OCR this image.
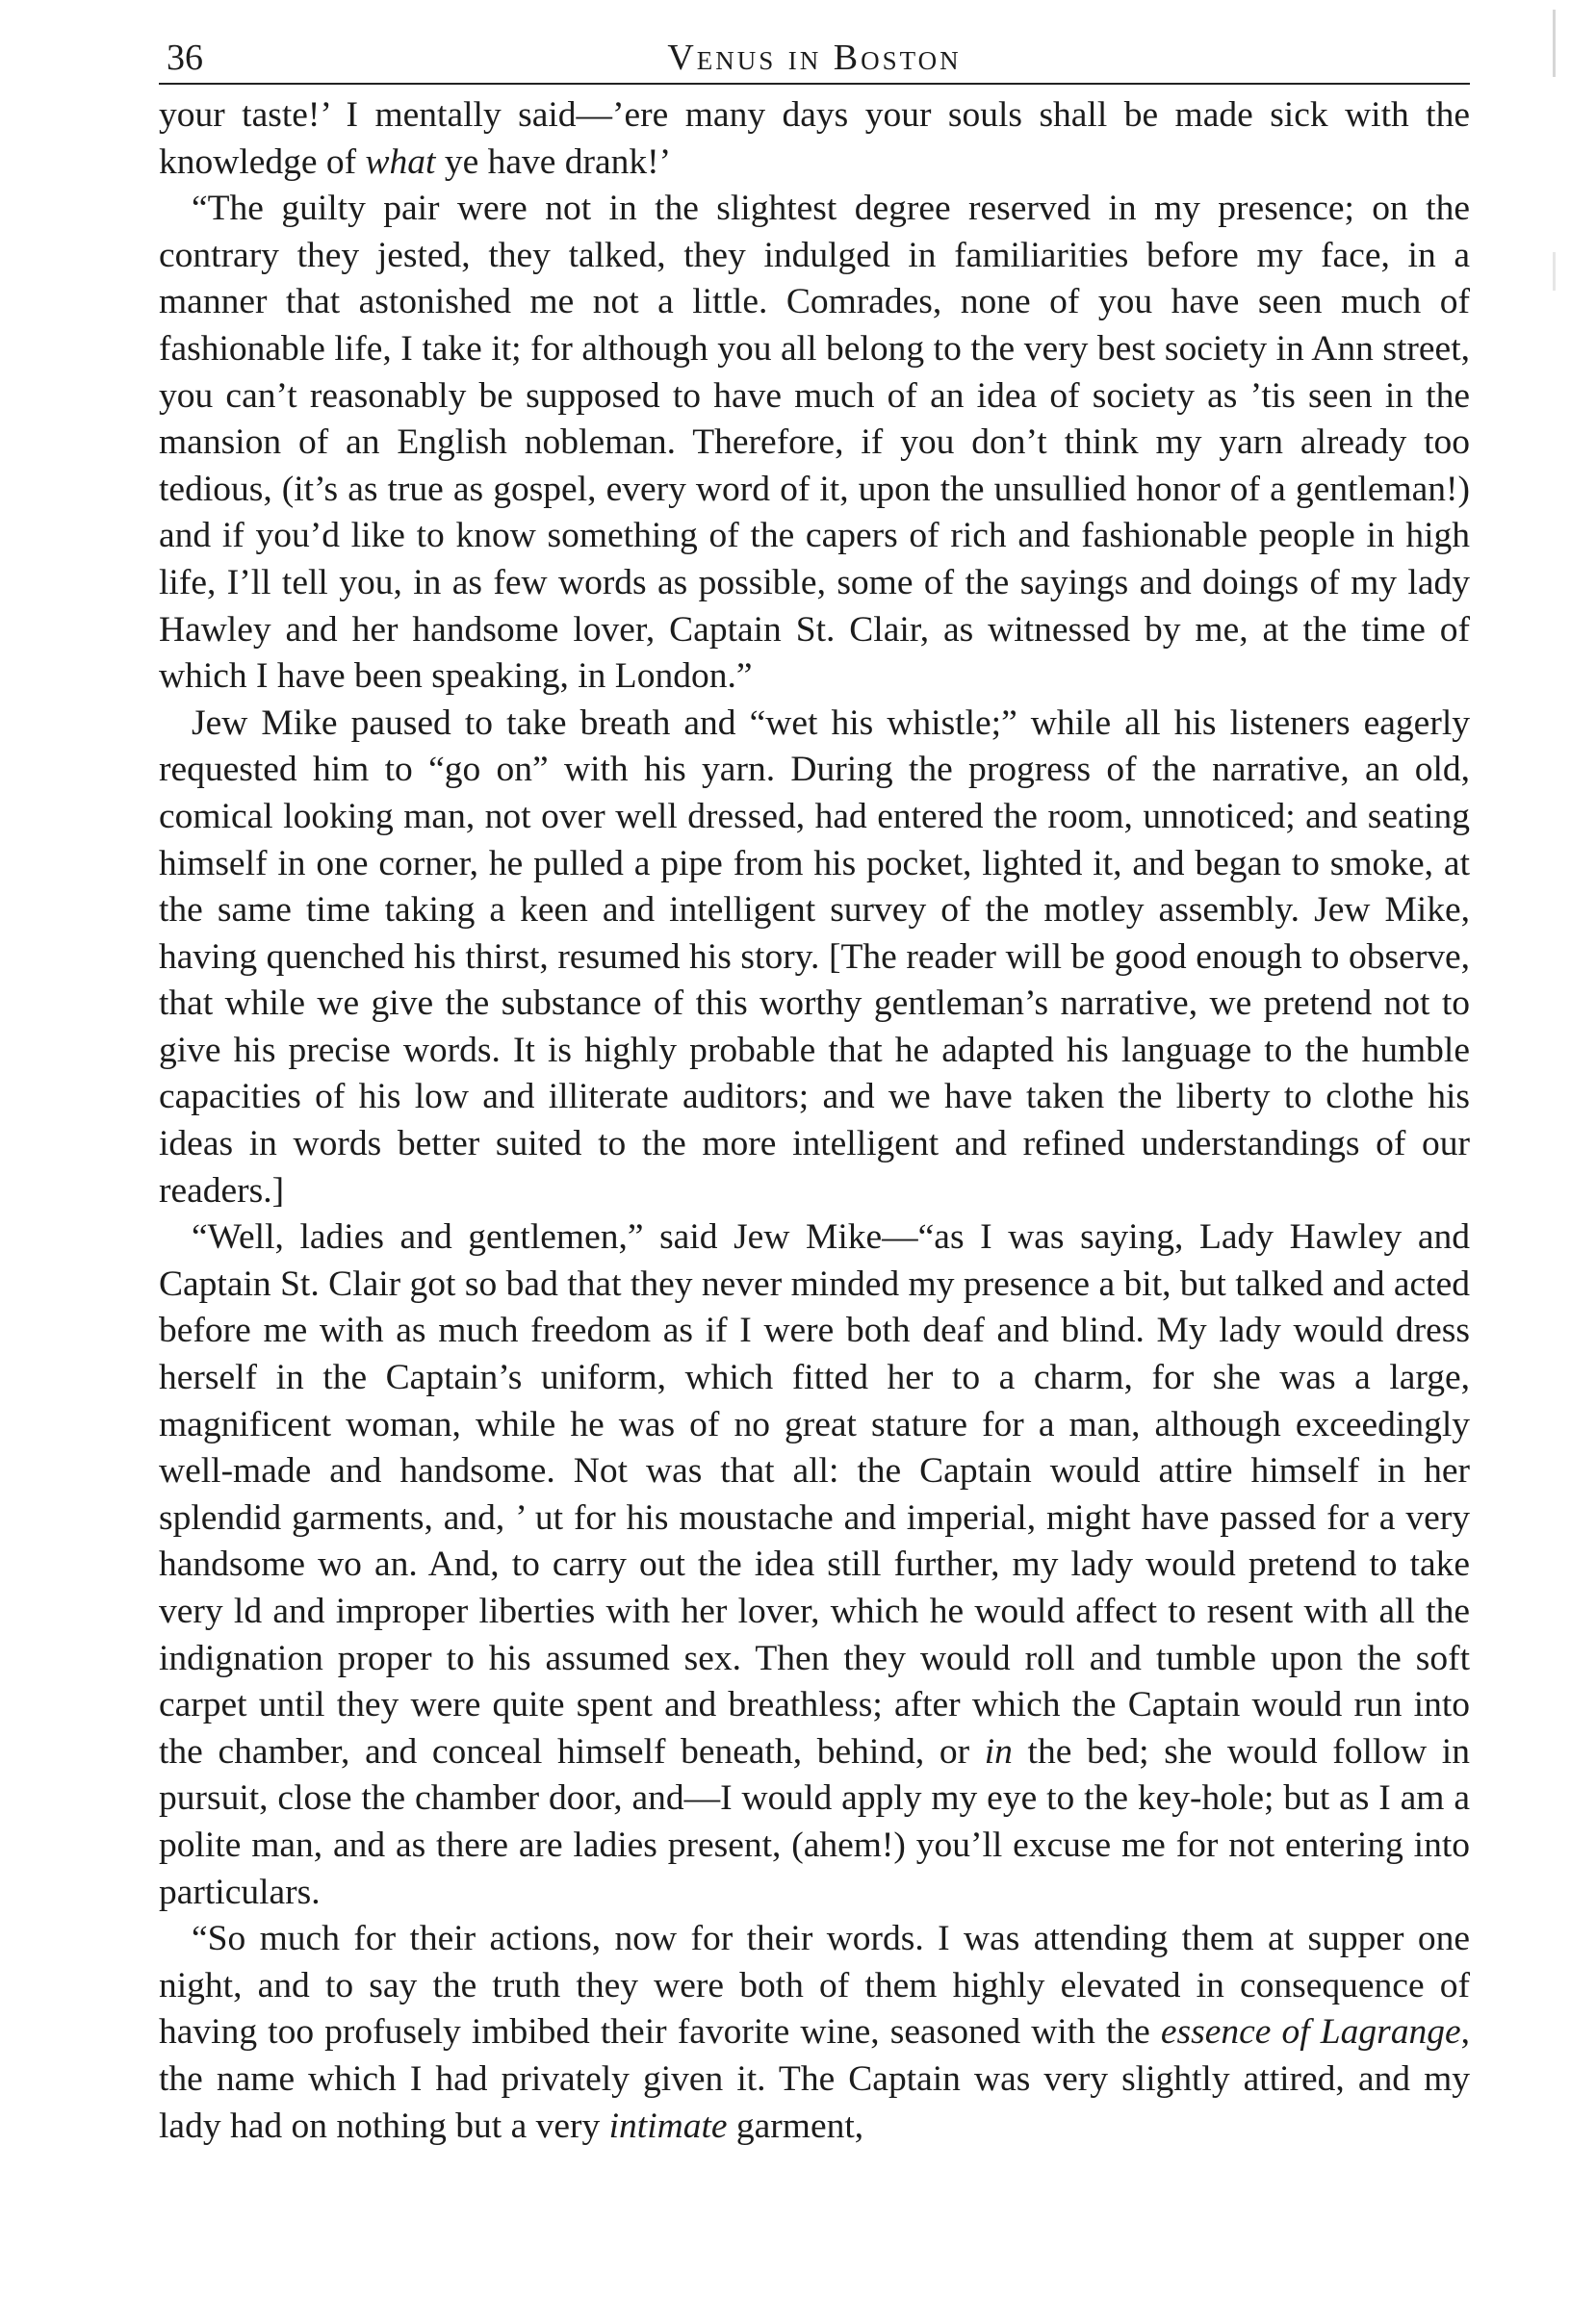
36	Venus in Boston

your taste!’ I mentally said—’ere many days your souls shall be made sick with the knowledge of what ye have drank!’

“The guilty pair were not in the slightest degree reserved in my presence; on the contrary they jested, they talked, they indulged in familiarities before my face, in a manner that astonished me not a little. Comrades, none of you have seen much of fashionable life, I take it; for although you all belong to the very best society in Ann street, you can’t reasonably be supposed to have much of an idea of society as ’tis seen in the mansion of an English nobleman. Therefore, if you don’t think my yarn already too tedious, (it’s as true as gospel, every word of it, upon the unsullied honor of a gentleman!) and if you’d like to know something of the capers of rich and fashionable people in high life, I’ll tell you, in as few words as possible, some of the sayings and doings of my lady Hawley and her handsome lover, Captain St. Clair, as witnessed by me, at the time of which I have been speaking, in London.”

Jew Mike paused to take breath and “wet his whistle;” while all his listeners eagerly requested him to “go on” with his yarn. During the progress of the narrative, an old, comical looking man, not over well dressed, had entered the room, unnoticed; and seating himself in one corner, he pulled a pipe from his pocket, lighted it, and began to smoke, at the same time taking a keen and intelligent survey of the motley assembly. Jew Mike, having quenched his thirst, resumed his story. [The reader will be good enough to observe, that while we give the substance of this worthy gentleman’s narrative, we pretend not to give his precise words. It is highly probable that he adapted his language to the humble capacities of his low and illiterate auditors; and we have taken the liberty to clothe his ideas in words better suited to the more intelligent and refined understandings of our readers.]

“Well, ladies and gentlemen,” said Jew Mike—“as I was saying, Lady Hawley and Captain St. Clair got so bad that they never minded my presence a bit, but talked and acted before me with as much freedom as if I were both deaf and blind. My lady would dress herself in the Captain’s uniform, which fitted her to a charm, for she was a large, magnificent woman, while he was of no great stature for a man, although exceedingly well-made and handsome. Not was that all: the Captain would attire himself in her splendid garments, and, ’ ut for his moustache and imperial, might have passed for a very handsome wo an. And, to carry out the idea still further, my lady would pretend to take very ld and improper liberties with her lover, which he would affect to resent with all the indignation proper to his assumed sex. Then they would roll and tumble upon the soft carpet until they were quite spent and breathless; after which the Captain would run into the chamber, and conceal himself beneath, behind, or in the bed; she would follow in pursuit, close the chamber door, and—I would apply my eye to the key-hole; but as I am a polite man, and as there are ladies present, (ahem!) you’ll excuse me for not entering into particulars.

“So much for their actions, now for their words. I was attending them at supper one night, and to say the truth they were both of them highly elevated in consequence of having too profusely imbibed their favorite wine, seasoned with the essence of Lagrange, the name which I had privately given it. The Captain was very slightly attired, and my lady had on nothing but a very intimate garment,
